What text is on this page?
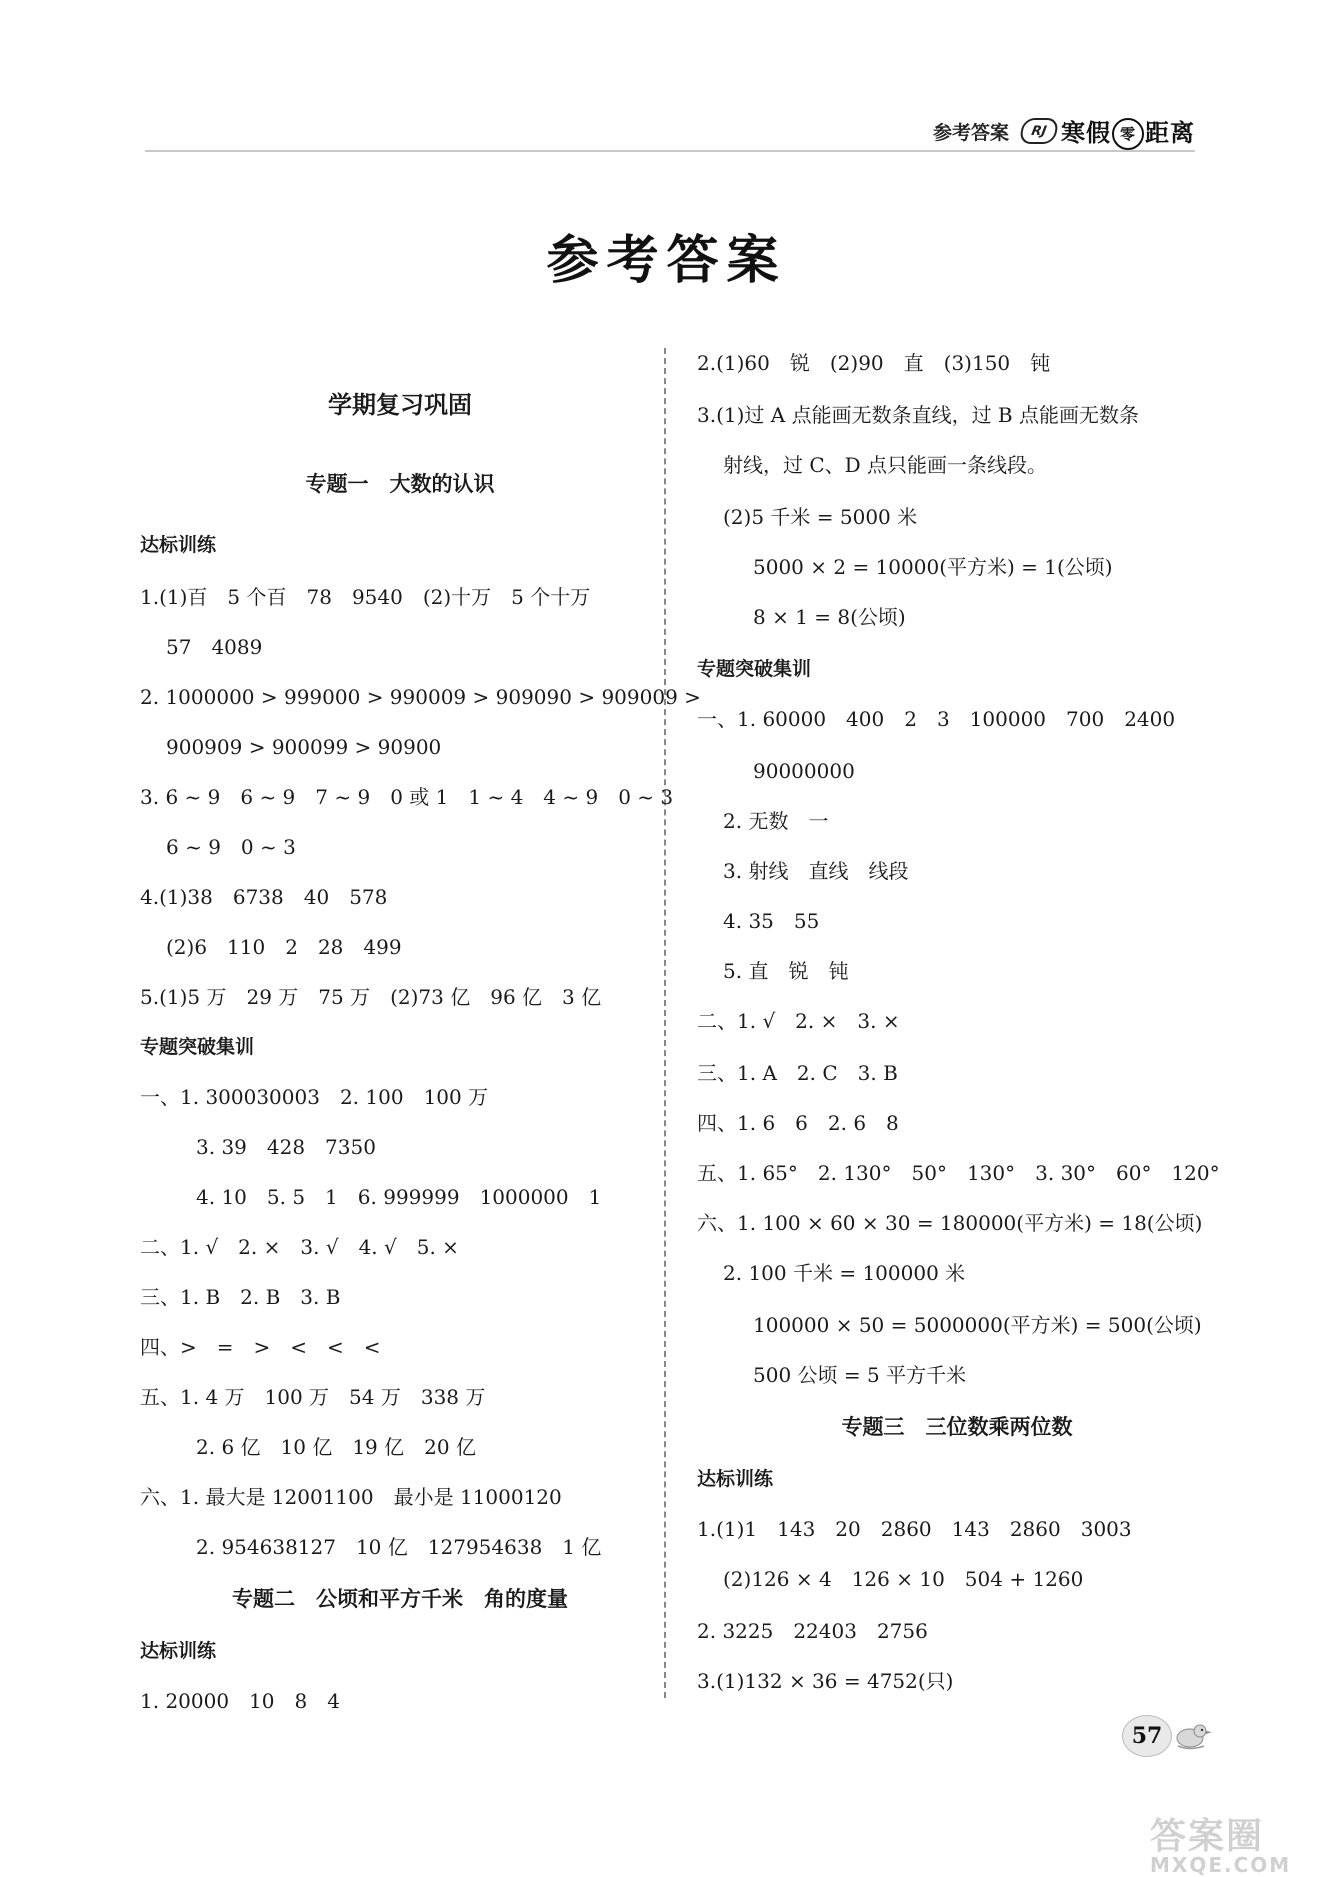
参考答案	RJ 寒假 零 距离
参考答案
学期复习巩固
专题一　大数的认识
达标训练
1.(1)百　5 个百　78　9540　(2)十万　5 个十万
57　4089
2. 1000000 > 999000 > 990009 > 909090 > 909009 >
900909 > 900099 > 90900
3. 6 ~ 9　6 ~ 9　7 ~ 9　0 或 1　1 ~ 4　4 ~ 9　0 ~ 3
6 ~ 9　0 ~ 3
4.(1)38　6738　40　578
(2)6　110　2　28　499
5.(1)5 万　29 万　75 万　(2)73 亿　96 亿　3 亿
专题突破集训
一、1. 300030003　2. 100　100 万
3. 39　428　7350
4. 10　5. 5　1　6. 999999　1000000　1
二、1. √　2. ×　3. √　4. √　5. ×
三、1. B　2. B　3. B
四、>　=　>　<　<　<
五、1. 4 万　100 万　54 万　338 万
2. 6 亿　10 亿　19 亿　20 亿
六、1. 最大是 12001100　最小是 11000120
2. 954638127　10 亿　127954638　1 亿
专题二　公顷和平方千米　角的度量
达标训练
1. 20000　10　8　4
2.(1)60　锐　(2)90　直　(3)150　钝
3.(1)过 A 点能画无数条直线，过 B 点能画无数条
射线，过 C、D 点只能画一条线段。
(2)5 千米 = 5000 米
5000 × 2 = 10000(平方米) = 1(公顷)
8 × 1 = 8(公顷)
专题突破集训
一、1. 60000　400　2　3　100000　700　2400
90000000
2. 无数　一
3. 射线　直线　线段
4. 35　55
5. 直　锐　钝
二、1. √　2. ×　3. ×
三、1. A　2. C　3. B
四、1. 6　6　2. 6　8
五、1. 65°　2. 130°　50°　130°　3. 30°　60°　120°
六、1. 100 × 60 × 30 = 180000(平方米) = 18(公顷)
2. 100 千米 = 100000 米
100000 × 50 = 5000000(平方米) = 500(公顷)
500 公顷 = 5 平方千米
专题三　三位数乘两位数
达标训练
1.(1)1　143　20　2860　143　2860　3003
(2)126 × 4　126 × 10　504 + 1260
2. 3225　22403　2756
3.(1)132 × 36 = 4752(只)
57
答案圈
MXQE.COM
